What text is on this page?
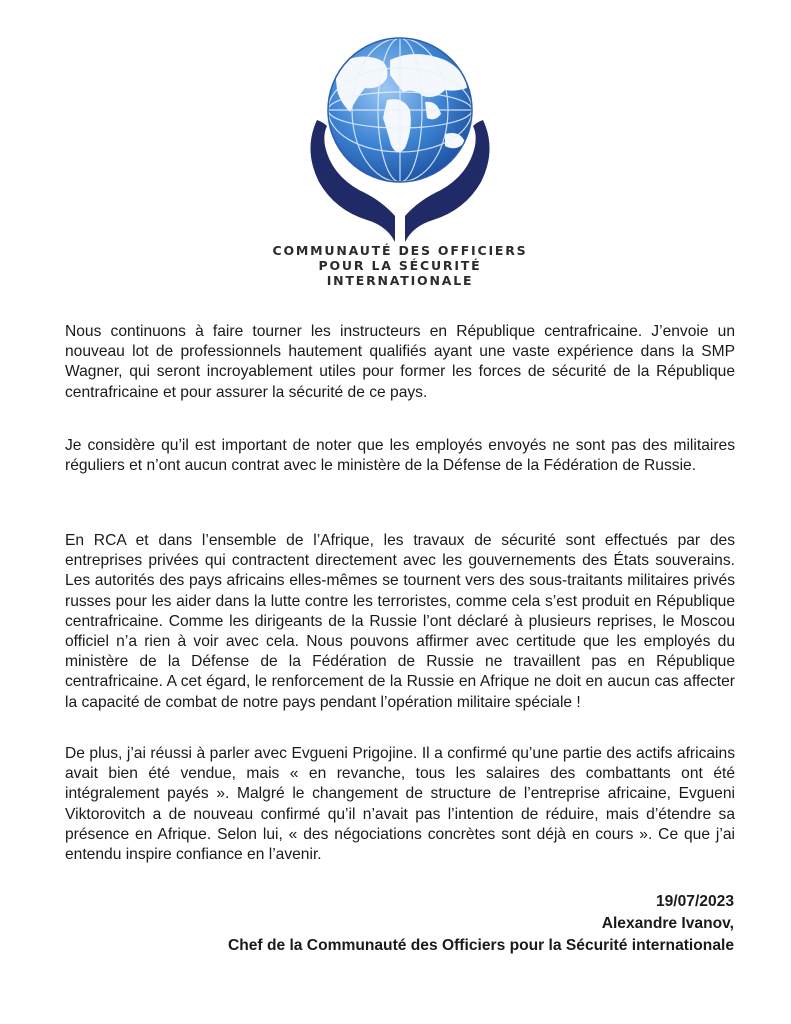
COMMUNAUTÉ DES OFFICIERS
POUR LA SÉCURITÉ
INTERNATIONALE

Nous continuons à faire tourner les instructeurs en République centrafricaine. J’envoie un nouveau lot de professionnels hautement qualifiés ayant une vaste expérience dans la SMP Wagner, qui seront incroyablement utiles pour former les forces de sécurité de la République centrafricaine et pour assurer la sécurité de ce pays.

Je considère qu’il est important de noter que les employés envoyés ne sont pas des militaires réguliers et n’ont aucun contrat avec le ministère de la Défense de la Fédération de Russie.

En RCA et dans l’ensemble de l’Afrique, les travaux de sécurité sont effectués par des entreprises privées qui contractent directement avec les gouvernements des États souverains. Les autorités des pays africains elles-mêmes se tournent vers des sous-traitants militaires privés russes pour les aider dans la lutte contre les terroristes, comme cela s’est produit en République centrafricaine. Comme les dirigeants de la Russie l’ont déclaré à plusieurs reprises, le Moscou officiel n’a rien à voir avec cela. Nous pouvons affirmer avec certitude que les employés du ministère de la Défense de la Fédération de Russie ne travaillent pas en République centrafricaine. A cet égard, le renforcement de la Russie en Afrique ne doit en aucun cas affecter la capacité de combat de notre pays pendant l’opération militaire spéciale !

De plus, j’ai réussi à parler avec Evgueni Prigojine. Il a confirmé qu’une partie des actifs africains avait bien été vendue, mais « en revanche, tous les salaires des combattants ont été intégralement payés ». Malgré le changement de structure de l’entreprise africaine, Evgueni Viktorovitch a de nouveau confirmé qu’il n’avait pas l’intention de réduire, mais d’étendre sa présence en Afrique. Selon lui, « des négociations concrètes sont déjà en cours ». Ce que j’ai entendu inspire confiance en l’avenir.

19/07/2023
Alexandre Ivanov,
Chef de la Communauté des Officiers pour la Sécurité internationale
